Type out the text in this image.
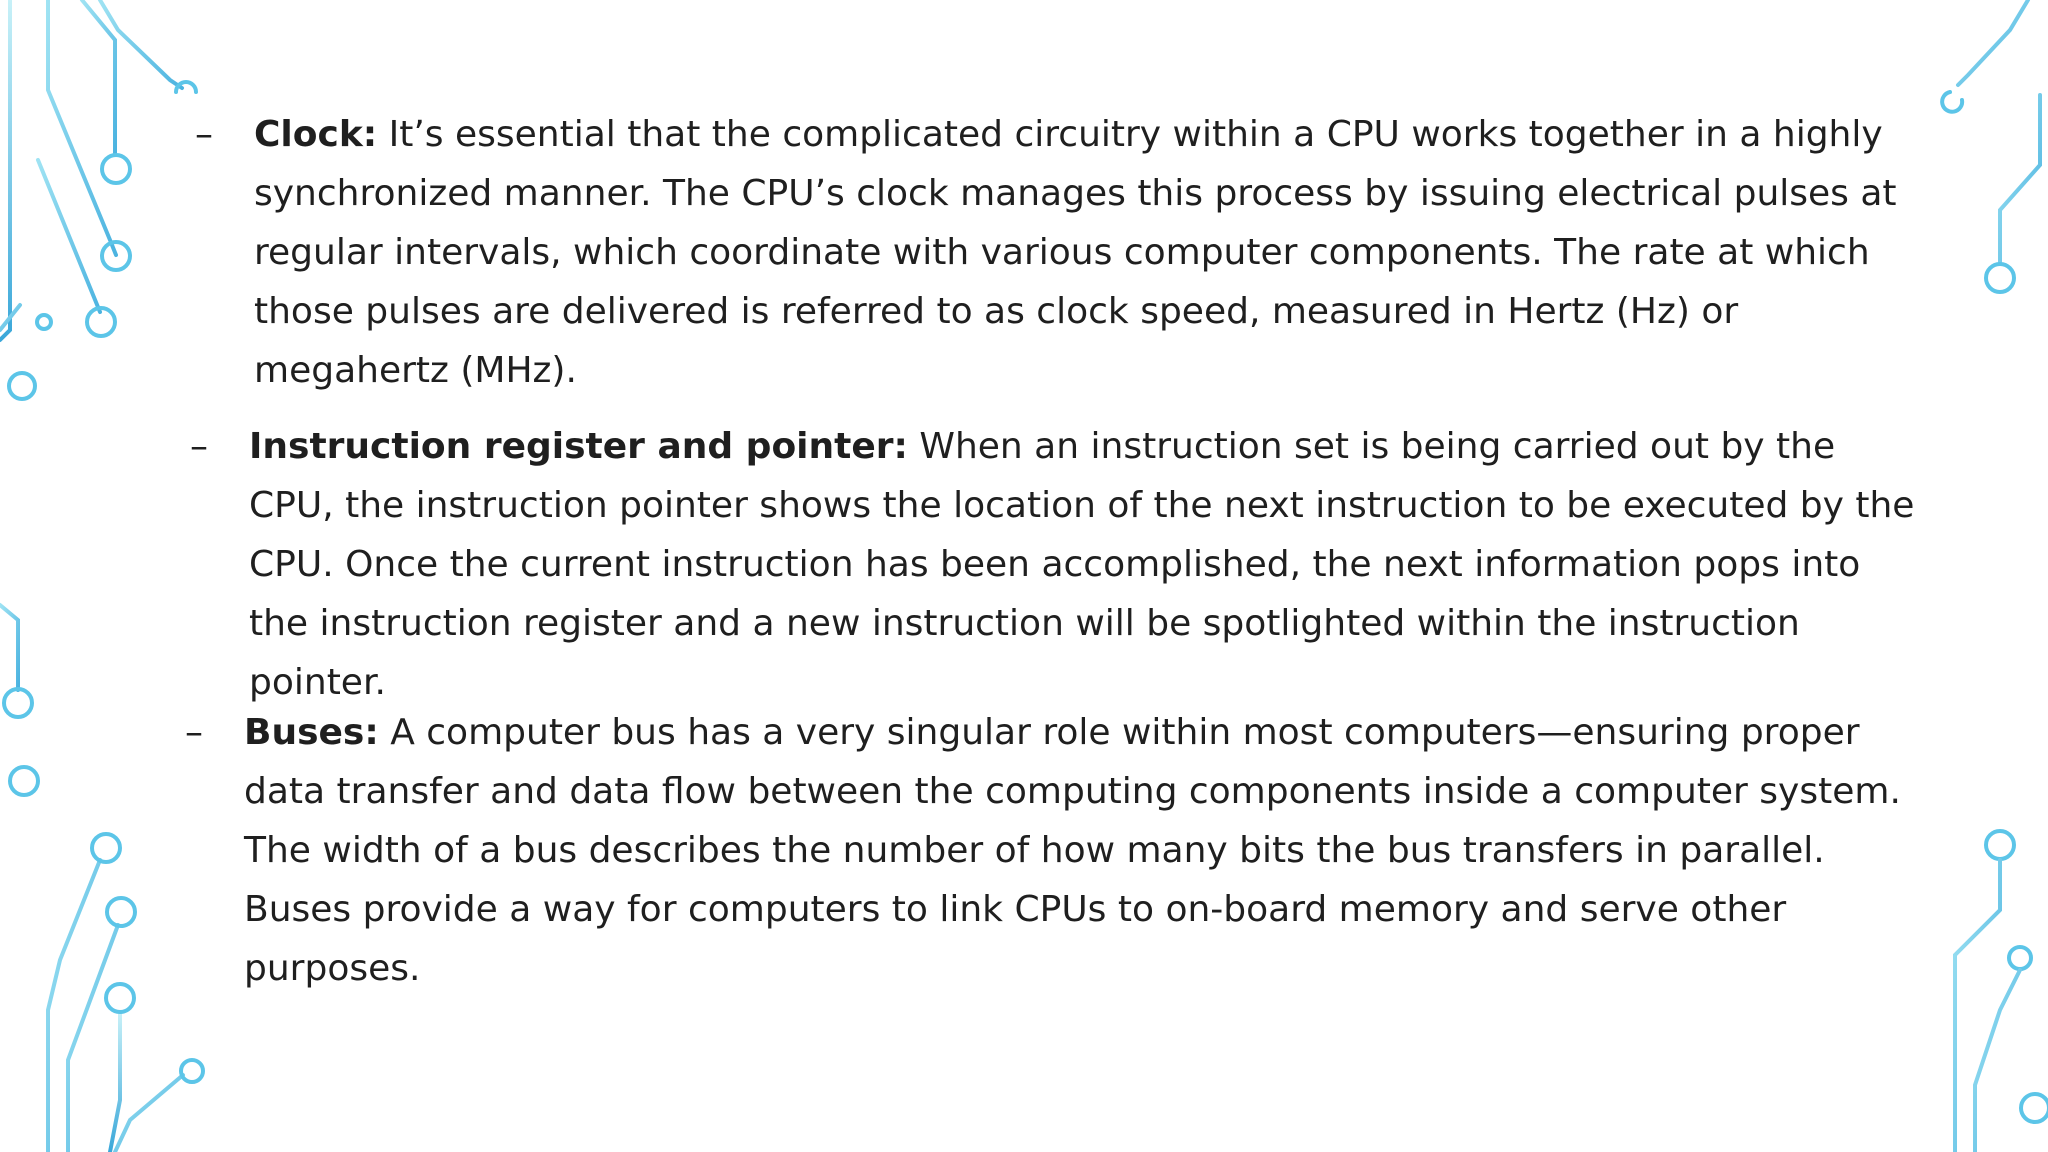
– Clock: It’s essential that the complicated circuitry within a CPU works together in a highly synchronized manner. The CPU’s clock manages this process by issuing electrical pulses at regular intervals, which coordinate with various computer components. The rate at which those pulses are delivered is referred to as clock speed, measured in Hertz (Hz) or megahertz (MHz).
– Instruction register and pointer: When an instruction set is being carried out by the CPU, the instruction pointer shows the location of the next instruction to be executed by the CPU. Once the current instruction has been accomplished, the next information pops into the instruction register and a new instruction will be spotlighted within the instruction pointer.
– Buses: A computer bus has a very singular role within most computers—ensuring proper data transfer and data flow between the computing components inside a computer system. The width of a bus describes the number of how many bits the bus transfers in parallel. Buses provide a way for computers to link CPUs to on-board memory and serve other purposes.
